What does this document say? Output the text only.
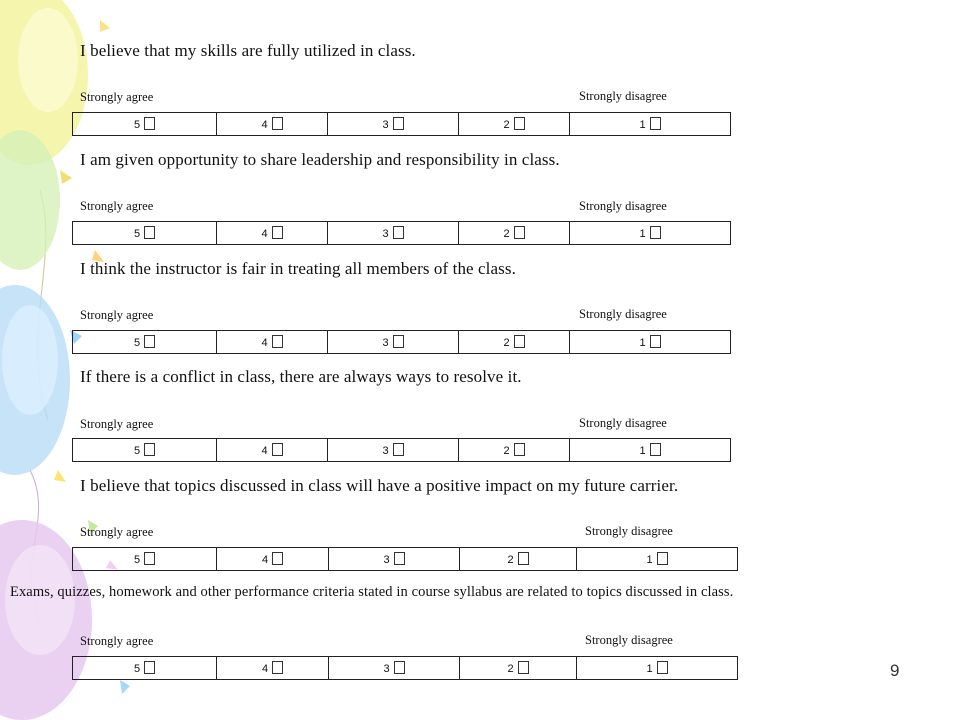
I believe that my skills are fully utilized in class.
Strongly agree	Strongly disagree
5	4	3	2	1
I am given opportunity to share leadership and responsibility in class.
Strongly agree	Strongly disagree
5	4	3	2	1
I think the instructor is fair in treating all members of the class.
Strongly agree	Strongly disagree
5	4	3	2	1
If there is a conflict in class, there are always ways to resolve it.
Strongly agree	Strongly disagree
5	4	3	2	1
I believe that topics discussed in class will have a positive impact on my future carrier.
Strongly agree	Strongly disagree
5	4	3	2	1
Exams, quizzes, homework and other performance criteria stated in course syllabus are related to topics discussed in class.
Strongly agree	Strongly disagree
5	4	3	2	1	9
